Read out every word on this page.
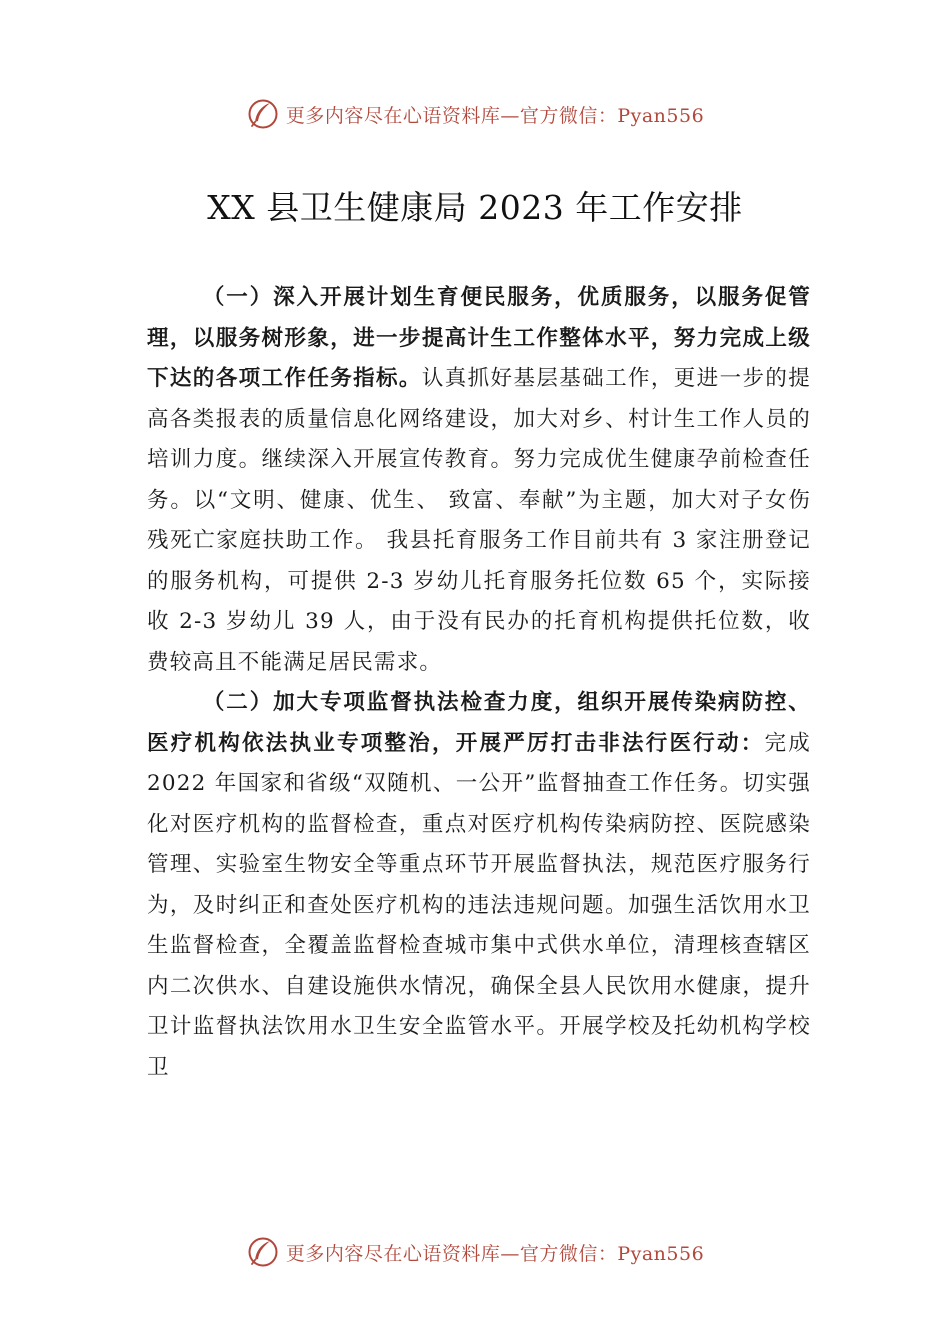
更多内容尽在心语资料库—官方微信：Pyan556
XX 县卫生健康局 2023 年工作安排

（一）深入开展计划生育便民服务，优质服务，以服务促管理，以服务树形象，进一步提高计生工作整体水平，努力完成上级下达的各项工作任务指标。认真抓好基层基础工作，更进一步的提高各类报表的质量信息化网络建设，加大对乡、村计生工作人员的培训力度。继续深入开展宣传教育。努力完成优生健康孕前检查任务。以“文明、健康、优生、 致富、奉献”为主题，加大对子女伤残死亡家庭扶助工作。 我县托育服务工作目前共有 3 家注册登记的服务机构，可提供 2-3 岁幼儿托育服务托位数 65 个，实际接收 2-3 岁幼儿 39 人，由于没有民办的托育机构提供托位数，收费较高且不能满足居民需求。

（二）加大专项监督执法检查力度，组织开展传染病防控、医疗机构依法执业专项整治，开展严厉打击非法行医行动：完成 2022 年国家和省级“双随机、一公开”监督抽查工作任务。切实强化对医疗机构的监督检查，重点对医疗机构传染病防控、医院感染管理、实验室生物安全等重点环节开展监督执法，规范医疗服务行为，及时纠正和查处医疗机构的违法违规问题。加强生活饮用水卫生监督检查，全覆盖监督检查城市集中式供水单位，清理核查辖区内二次供水、自建设施供水情况，确保全县人民饮用水健康，提升卫计监督执法饮用水卫生安全监管水平。开展学校及托幼机构学校卫

更多内容尽在心语资料库—官方微信：Pyan556
